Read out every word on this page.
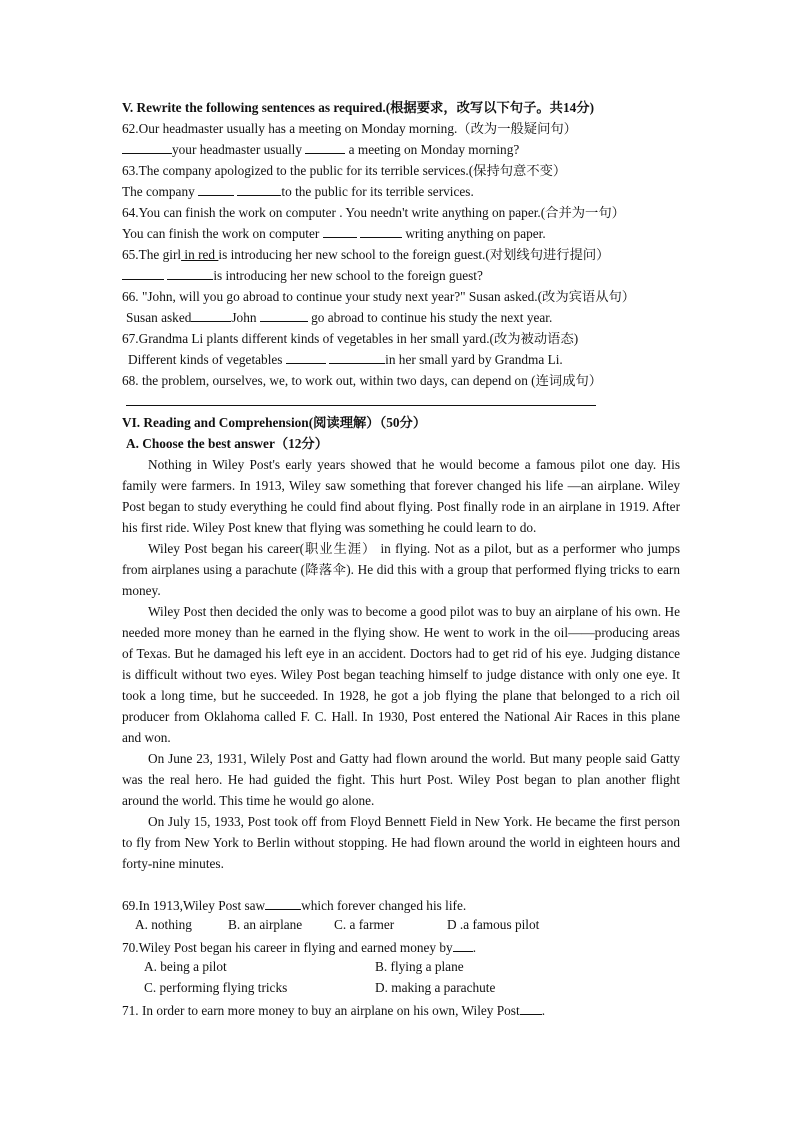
V. Rewrite the following sentences as required.(根据要求，改写以下句子。共14分)
62.Our headmaster usually has a meeting on Monday morning.（改为一般疑问句）
your headmaster usually	a meeting on Monday morning?
63.The company apologized to the public for its terrible services.(保持句意不变）
The company	to the public for its terrible services.
64.You can finish the work on computer . You needn't write anything on paper.(合并为一句）
You can finish the work on computer	writing anything on paper.
65.The girl in red is introducing her new school to the foreign guest.(对划线句进行提问）
is introducing her new school to the foreign guest?
66. "John, will you go abroad to continue your study next year?" Susan asked.(改为宾语从句）
Susan asked	John	go abroad to continue his study the next year.
67.Grandma Li plants different kinds of vegetables in her small yard.(改为被动语态)
Different kinds of vegetables	in her small yard by Grandma Li.
68. the problem, ourselves, we, to work out, within two days, can depend on (连词成句）
VI. Reading and Comprehension(阅读理解）（50分）
A. Choose the best answer（12分）

Nothing in Wiley Post's early years showed that he would become a famous pilot one day. His family were farmers. In 1913, Wiley saw something that forever changed his life —an airplane. Wiley Post began to study everything he could find about flying. Post finally rode in an airplane in 1919. After his first ride. Wiley Post knew that flying was something he could learn to do.

Wiley Post began his career(职业生涯） in flying. Not as a pilot, but as a performer who jumps from airplanes using a parachute (降落伞). He did this with a group that performed flying tricks to earn money.

Wiley Post then decided the only was to become a good pilot was to buy an airplane of his own. He needed more money than he earned in the flying show. He went to work in the oil——producing areas of Texas. But he damaged his left eye in an accident. Doctors had to get rid of his eye. Judging distance is difficult without two eyes. Wiley Post began teaching himself to judge distance with only one eye. It took a long time, but he succeeded. In 1928, he got a job flying the plane that belonged to a rich oil producer from Oklahoma called F. C. Hall. In 1930, Post entered the National Air Races in this plane and won.

On June 23, 1931, Wilely Post and Gatty had flown around the world. But many people said Gatty was the real hero. He had guided the fight. This hurt Post. Wiley Post began to plan another flight around the world. This time he would go alone.

On July 15, 1933, Post took off from Floyd Bennett Field in New York. He became the first person to fly from New York to Berlin without stopping. He had flown around the world in eighteen hours and forty-nine minutes.

69.In 1913,Wiley Post saw	which forever changed his life.
A. nothing	B. an airplane C. a farmer	D .a famous pilot
70.Wiley Post began his career in flying and earned money by .
A. being a pilot	B. flying a plane
C. performing flying tricks	D. making a parachute
71. In order to earn more money to buy an airplane on his own, Wiley Post .
